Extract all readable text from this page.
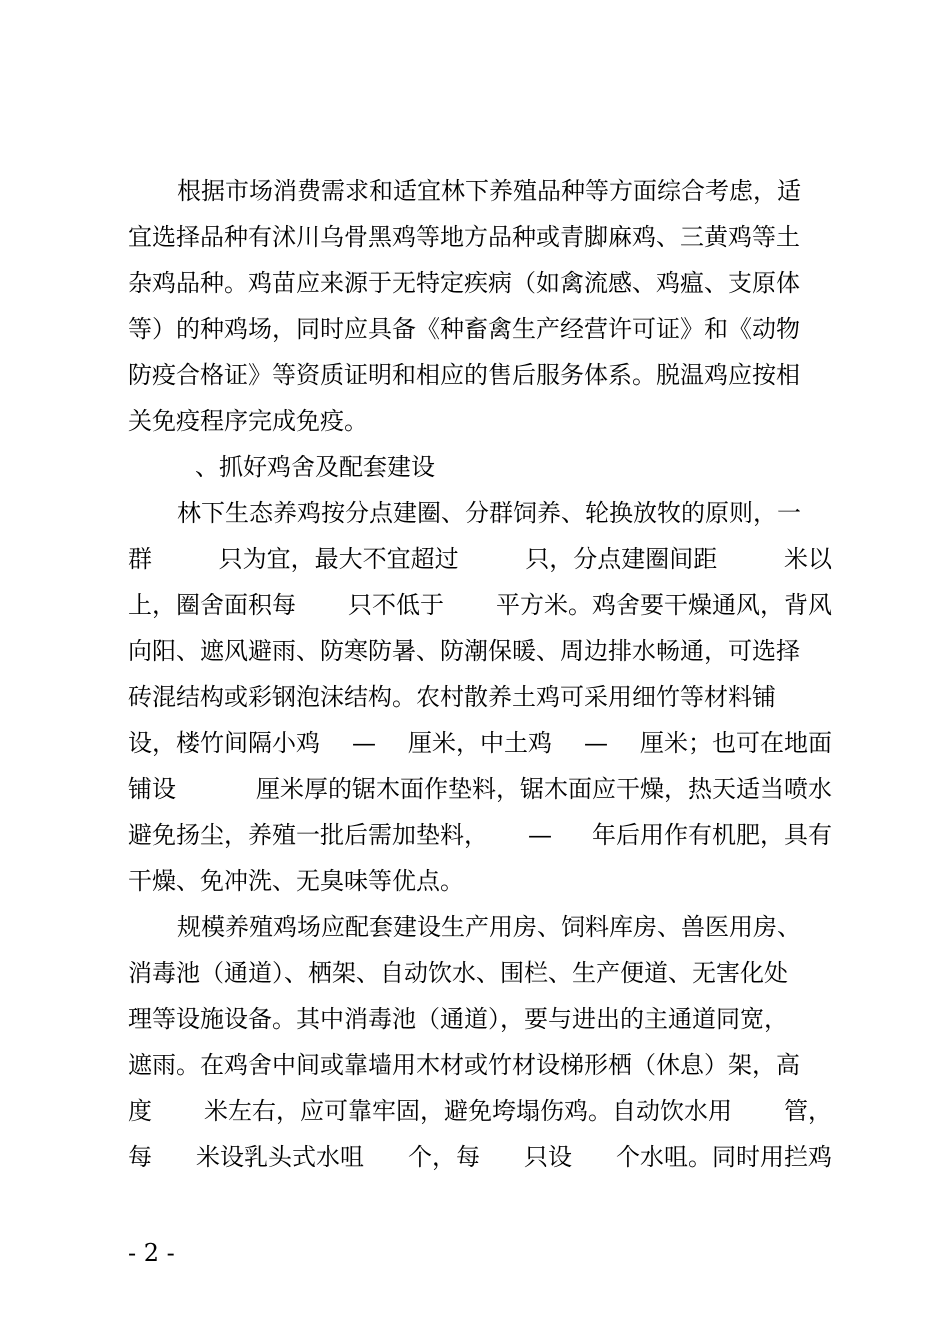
根据市场消费需求和适宜林下养殖品种等方面综合考虑，适
宜选择品种有沭川乌骨黑鸡等地方品种或青脚麻鸡、三黄鸡等土
杂鸡品种。鸡苗应来源于无特定疾病（如禽流感、鸡瘟、支原体
等）的种鸡场，同时应具备《种畜禽生产经营许可证》和《动物
防疫合格证》等资质证明和相应的售后服务体系。脱温鸡应按相
关免疫程序完成免疫。
、抓好鸡舍及配套建设
林下生态养鸡按分点建圈、分群饲养、轮换放牧的原则，一
群	只为宜，最大不宜超过	只，分点建圈间距	米以
上，圈舍面积每 只不低于 平方米。鸡舍要干燥通风，背风
向阳、遮风避雨、防寒防暑、防潮保暖、周边排水畅通，可选择
砖混结构或彩钢泡沫结构。农村散养土鸡可采用细竹等材料铺
设，楼竹间隔小鸡 — 厘米，中土鸡 — 厘米；也可在地面
铺设	厘米厚的锯木面作垫料，锯木面应干燥，热天适当喷水
避免扬尘，养殖一批后需加垫料， — 年后用作有机肥，具有
干燥、免冲洗、无臭味等优点。
规模养殖鸡场应配套建设生产用房、饲料库房、兽医用房、
消毒池（通道）、栖架、自动饮水、围栏、生产便道、无害化处
理等设施设备。其中消毒池（通道），要与进出的主通道同宽，
遮雨。在鸡舍中间或靠墙用木材或竹材设梯形栖（休息）架，高
度 米左右，应可靠牢固，避免垮塌伤鸡。自动饮水用 管，
每 米设乳头式水咀 个，每 只设 个水咀。同时用拦鸡
- 2 -
